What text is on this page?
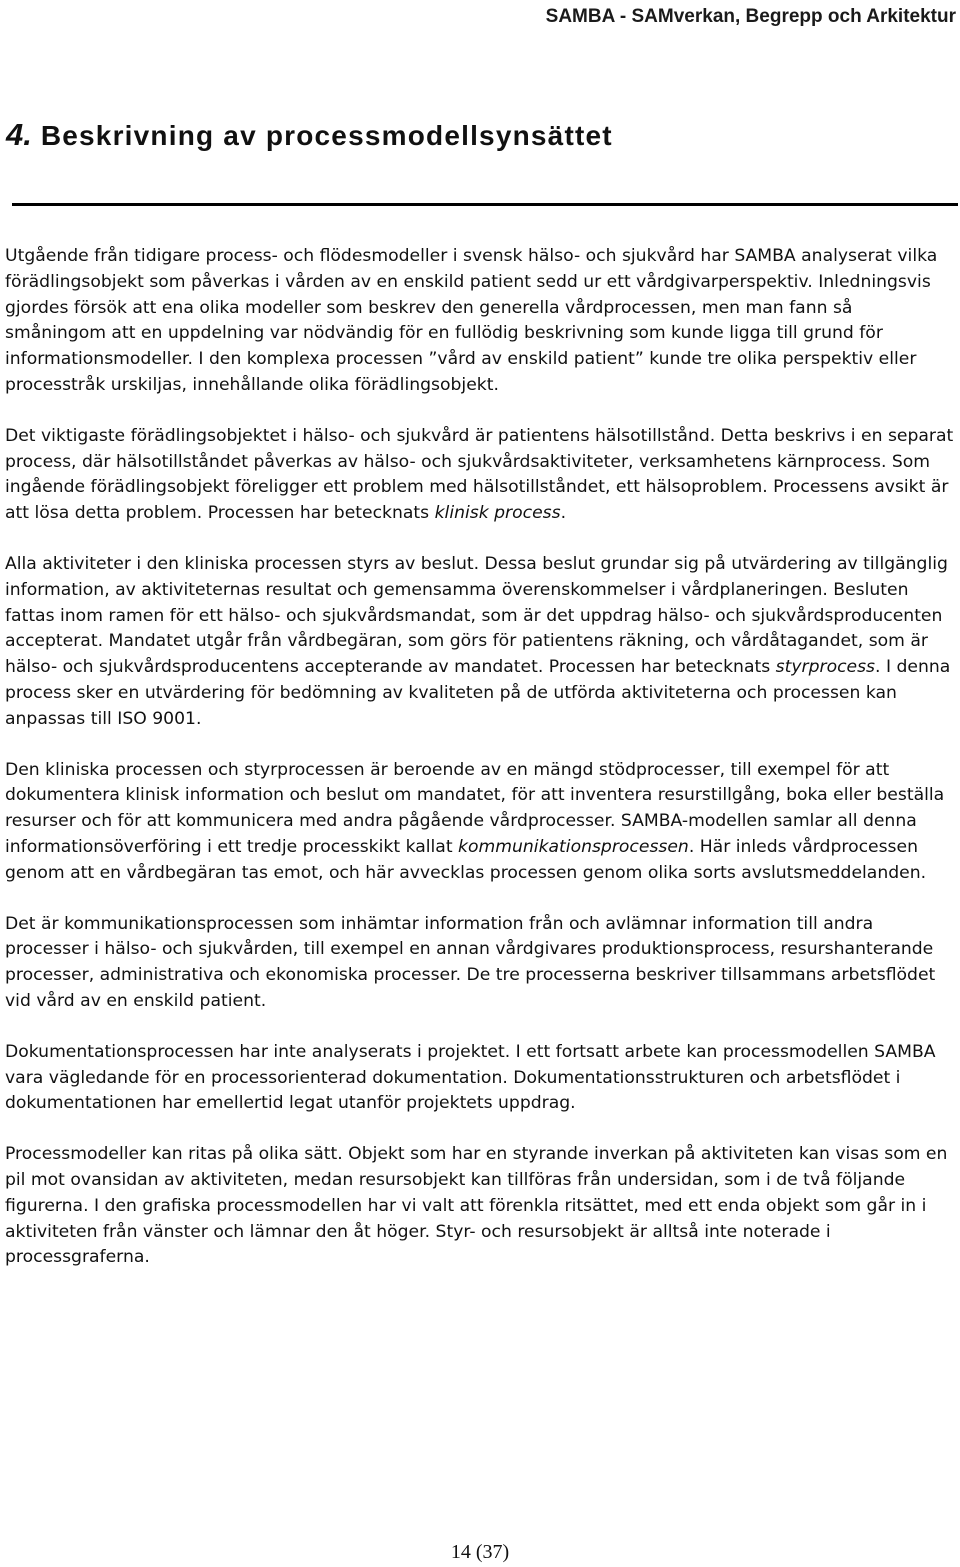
SAMBA - SAMverkan, Begrepp och Arkitektur
4. Beskrivning av processmodellsynsättet

Utgående från tidigare process- och flödesmodeller i svensk hälso- och sjukvård har SAMBA analyserat vilka förädlingsobjekt som påverkas i vården av en enskild patient sedd ur ett vårdgivarperspektiv. Inledningsvis gjordes försök att ena olika modeller som beskrev den generella vårdprocessen, men man fann så småningom att en uppdelning var nödvändig för en fullödig beskrivning som kunde ligga till grund för informationsmodeller. I den komplexa processen ”vård av enskild patient” kunde tre olika perspektiv eller processtråk urskiljas, innehållande olika förädlingsobjekt.

Det viktigaste förädlingsobjektet i hälso- och sjukvård är patientens hälsotillstånd. Detta beskrivs i en separat process, där hälsotillståndet påverkas av hälso- och sjukvårdsaktiviteter, verksamhetens kärnprocess. Som ingående förädlingsobjekt föreligger ett problem med hälsotillståndet, ett hälsoproblem. Processens avsikt är att lösa detta problem. Processen har betecknats klinisk process.

Alla aktiviteter i den kliniska processen styrs av beslut. Dessa beslut grundar sig på utvärdering av tillgänglig information, av aktiviteternas resultat och gemensamma överenskommelser i vårdplaneringen. Besluten fattas inom ramen för ett hälso- och sjukvårdsmandat, som är det uppdrag hälso- och sjukvårdsproducenten accepterat. Mandatet utgår från vårdbegäran, som görs för patientens räkning, och vårdåtagandet, som är hälso- och sjukvårdsproducentens accepterande av mandatet. Processen har betecknats styrprocess. I denna process sker en utvärdering för bedömning av kvaliteten på de utförda aktiviteterna och processen kan anpassas till ISO 9001.

Den kliniska processen och styrprocessen är beroende av en mängd stödprocesser, till exempel för att dokumentera klinisk information och beslut om mandatet, för att inventera resurstillgång, boka eller beställa resurser och för att kommunicera med andra pågående vårdprocesser. SAMBA-modellen samlar all denna informationsöverföring i ett tredje processkikt kallat kommunikationsprocessen. Här inleds vårdprocessen genom att en vårdbegäran tas emot, och här avvecklas processen genom olika sorts avslutsmeddelanden.

Det är kommunikationsprocessen som inhämtar information från och avlämnar information till andra processer i hälso- och sjukvården, till exempel en annan vårdgivares produktionsprocess, resurshanterande processer, administrativa och ekonomiska processer. De tre processerna beskriver tillsammans arbetsflödet vid vård av en enskild patient.

Dokumentationsprocessen har inte analyserats i projektet. I ett fortsatt arbete kan processmodellen SAMBA vara vägledande för en processorienterad dokumentation. Dokumentationsstrukturen och arbetsflödet i dokumentationen har emellertid legat utanför projektets uppdrag.

Processmodeller kan ritas på olika sätt. Objekt som har en styrande inverkan på aktiviteten kan visas som en pil mot ovansidan av aktiviteten, medan resursobjekt kan tillföras från undersidan, som i de två följande figurerna. I den grafiska processmodellen har vi valt att förenkla ritsättet, med ett enda objekt som går in i aktiviteten från vänster och lämnar den åt höger. Styr- och resursobjekt är alltså inte noterade i processgraferna.

14 (37)
